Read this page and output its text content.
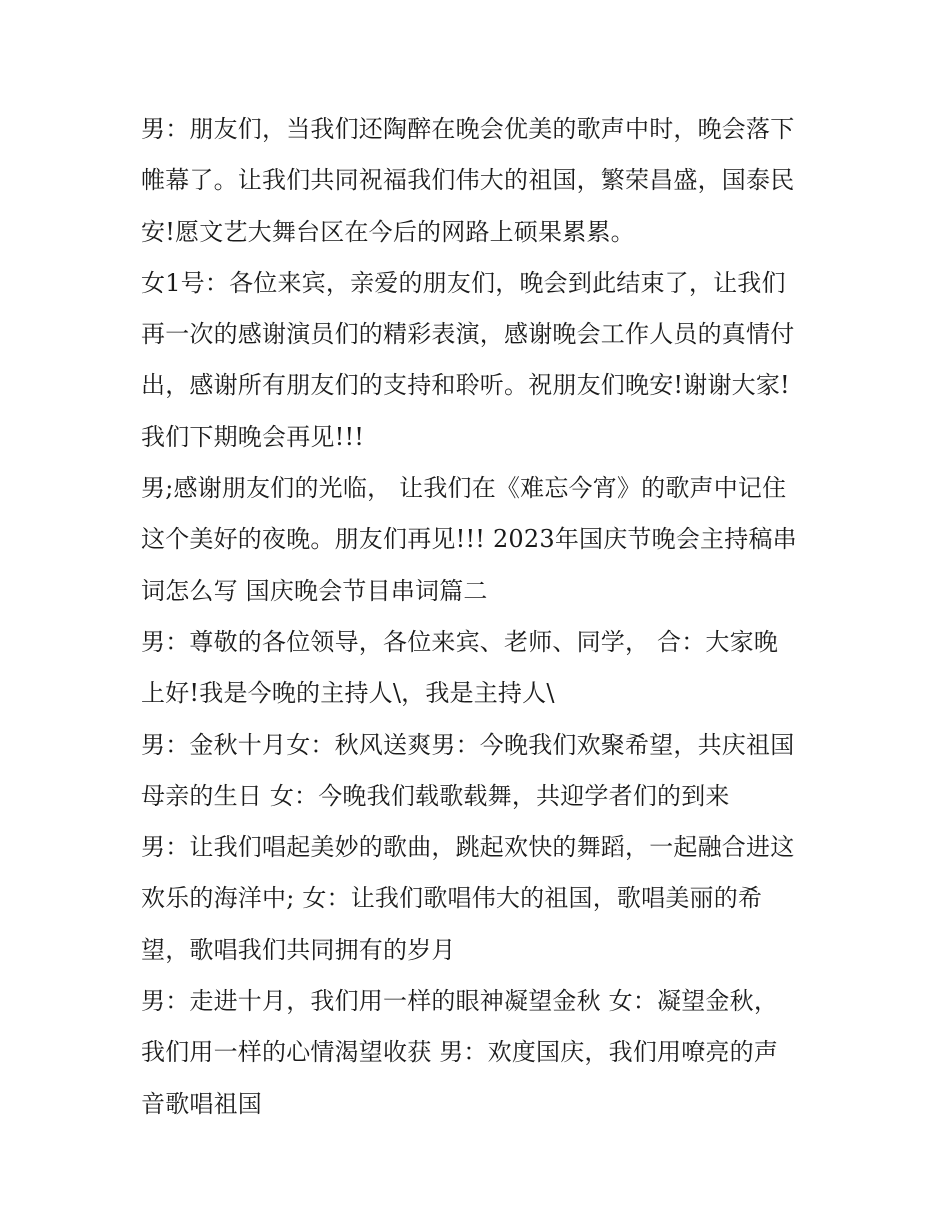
男：朋友们，当我们还陶醉在晚会优美的歌声中时，晚会落下
帷幕了。让我们共同祝福我们伟大的祖国，繁荣昌盛，国泰民
安!愿文艺大舞台区在今后的网路上硕果累累。
女1号：各位来宾，亲爱的朋友们，晚会到此结束了，让我们
再一次的感谢演员们的精彩表演，感谢晚会工作人员的真情付
出，感谢所有朋友们的支持和聆听。祝朋友们晚安!谢谢大家!
我们下期晚会再见!!!
男;感谢朋友们的光临， 让我们在《难忘今宵》的歌声中记住
这个美好的夜晚。朋友们再见!!! 2023年国庆节晚会主持稿串
词怎么写 国庆晚会节目串词篇二
男：尊敬的各位领导，各位来宾、老师、同学， 合：大家晚
上好!我是今晚的主持人\，我是主持人\
男：金秋十月女：秋风送爽男：今晚我们欢聚希望，共庆祖国
母亲的生日 女：今晚我们载歌载舞，共迎学者们的到来
男：让我们唱起美妙的歌曲，跳起欢快的舞蹈，一起融合进这
欢乐的海洋中; 女：让我们歌唱伟大的祖国，歌唱美丽的希
望，歌唱我们共同拥有的岁月
男：走进十月，我们用一样的眼神凝望金秋 女：凝望金秋，
我们用一样的心情渴望收获 男：欢度国庆，我们用嘹亮的声
音歌唱祖国
